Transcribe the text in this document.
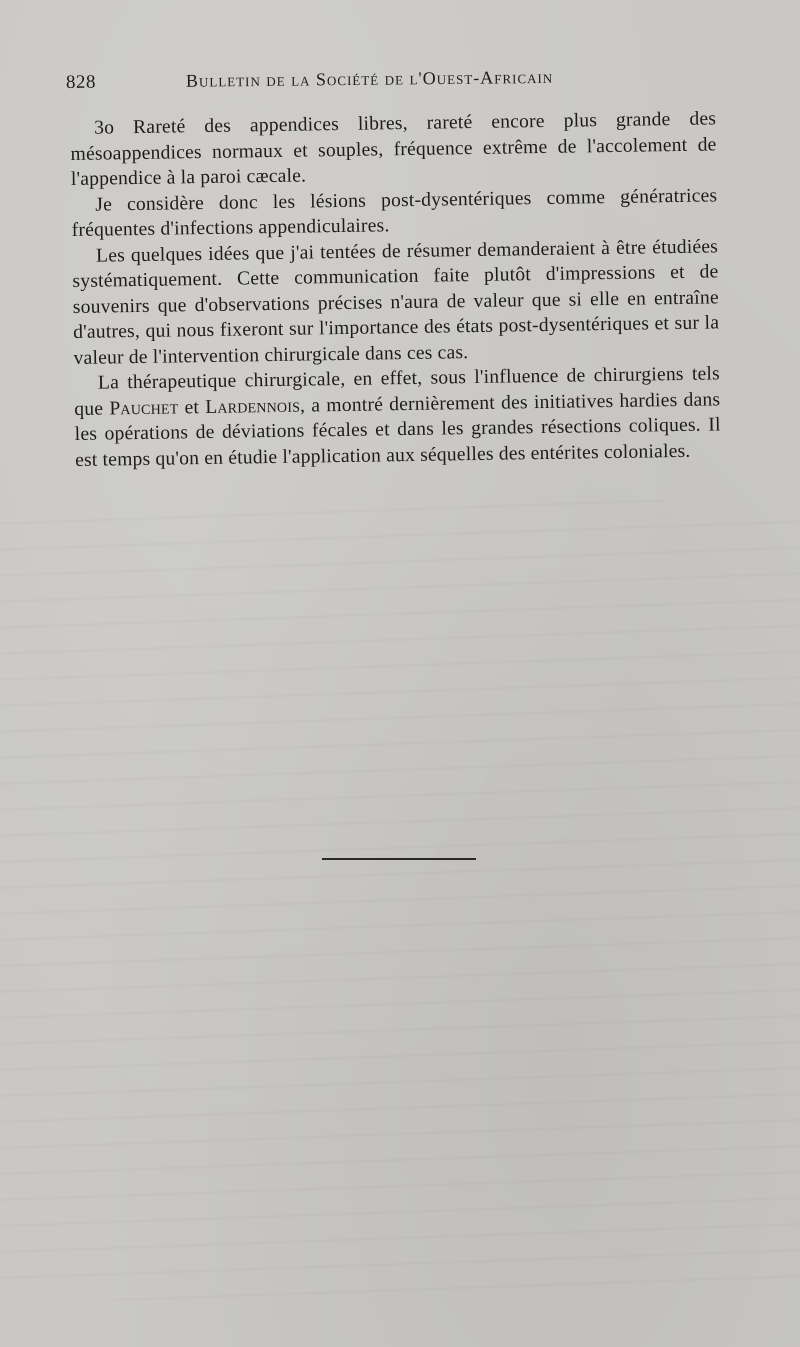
828	Bulletin de la Société de l'Ouest-Africain

3o Rareté des appendices libres, rareté encore plus grande des mésoappendices normaux et souples, fréquence extrême de l'accolement de l'appendice à la paroi cæcale.

Je considère donc les lésions post-dysentériques comme génératrices fréquentes d'infections appendiculaires.

Les quelques idées que j'ai tentées de résumer demanderaient à être étudiées systématiquement. Cette communication faite plutôt d'impressions et de souvenirs que d'observations précises n'aura de valeur que si elle en entraîne d'autres, qui nous fixeront sur l'importance des états post-dysentériques et sur la valeur de l'intervention chirurgicale dans ces cas.

La thérapeutique chirurgicale, en effet, sous l'influence de chirurgiens tels que Pauchet et Lardennois, a montré dernièrement des initiatives hardies dans les opérations de déviations fécales et dans les grandes résections coliques. Il est temps qu'on en étudie l'application aux séquelles des entérites coloniales.
